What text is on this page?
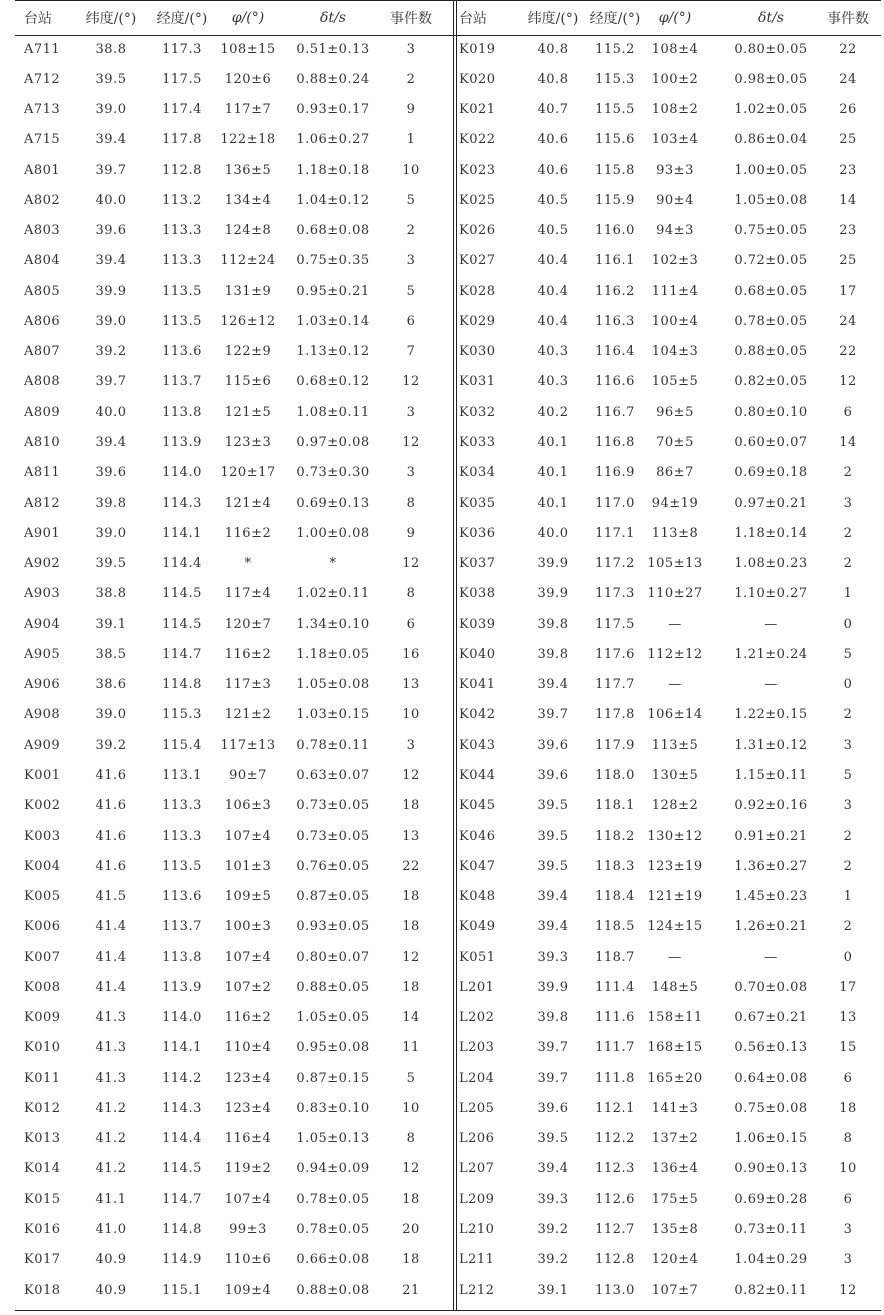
台站	纬度/(°)	经度/(°)	φ/(°)	δt/s	事件数 台站	纬度/(°) 经度/(°)	φ/(°)	δt/s	事件数
A711	38.8	117.3	108±15	0.51±0.13	3	K019	40.8	115.2	108±4	0.80±0.05	22
A712	39.5	117.5	120±6	0.88±0.24	2	K020	40.8	115.3	100±2	0.98±0.05	24
A713	39.0	117.4	117±7	0.93±0.17	9	K021	40.7	115.5	108±2	1.02±0.05	26
A715	39.4	117.8	122±18	1.06±0.27	1	K022	40.6	115.6	103±4	0.86±0.04	25
A801	39.7	112.8	136±5	1.18±0.18	10	K023	40.6	115.8	93±3	1.00±0.05	23
A802	40.0	113.2	134±4	1.04±0.12	5	K025	40.5	115.9	90±4	1.05±0.08	14
A803	39.6	113.3	124±8	0.68±0.08	2	K026	40.5	116.0	94±3	0.75±0.05	23
A804	39.4	113.3	112±24	0.75±0.35	3	K027	40.4	116.1	102±3	0.72±0.05	25
A805	39.9	113.5	131±9	0.95±0.21	5	K028	40.4	116.2	111±4	0.68±0.05	17
A806	39.0	113.5	126±12	1.03±0.14	6	K029	40.4	116.3	100±4	0.78±0.05	24
A807	39.2	113.6	122±9	1.13±0.12	7	K030	40.3	116.4	104±3	0.88±0.05	22
A808	39.7	113.7	115±6	0.68±0.12	12	K031	40.3	116.6	105±5	0.82±0.05	12
A809	40.0	113.8	121±5	1.08±0.11	3	K032	40.2	116.7	96±5	0.80±0.10	6
A810	39.4	113.9	123±3	0.97±0.08	12	K033	40.1	116.8	70±5	0.60±0.07	14
A811	39.6	114.0	120±17	0.73±0.30	3	K034	40.1	116.9	86±7	0.69±0.18	2
A812	39.8	114.3	121±4	0.69±0.13	8	K035	40.1	117.0	94±19	0.97±0.21	3
A901	39.0	114.1	116±2	1.00±0.08	9	K036	40.0	117.1	113±8	1.18±0.14	2
A902	39.5	114.4	*	*	12	K037	39.9	117.2 105±13	1.08±0.23	2
A903	38.8	114.5	117±4	1.02±0.11	8	K038	39.9	117.3 110±27	1.10±0.27	1
A904	39.1	114.5	120±7	1.34±0.10	6	K039	39.8	117.5	—	—	0
A905	38.5	114.7	116±2	1.18±0.05	16	K040	39.8	117.6 112±12	1.21±0.24	5
A906	38.6	114.8	117±3	1.05±0.08	13	K041	39.4	117.7	—	—	0
A908	39.0	115.3	121±2	1.03±0.15	10	K042	39.7	117.8 106±14	1.22±0.15	2
A909	39.2	115.4	117±13	0.78±0.11	3	K043	39.6	117.9	113±5	1.31±0.12	3
K001	41.6	113.1	90±7	0.63±0.07	12	K044	39.6	118.0	130±5	1.15±0.11	5
K002	41.6	113.3	106±3	0.73±0.05	18	K045	39.5	118.1	128±2	0.92±0.16	3
K003	41.6	113.3	107±4	0.73±0.05	13	K046	39.5	118.2 130±12	0.91±0.21	2
K004	41.6	113.5	101±3	0.76±0.05	22	K047	39.5	118.3 123±19	1.36±0.27	2
K005	41.5	113.6	109±5	0.87±0.05	18	K048	39.4	118.4 121±19	1.45±0.23	1
K006	41.4	113.7	100±3	0.93±0.05	18	K049	39.4	118.5 124±15	1.26±0.21	2
K007	41.4	113.8	107±4	0.80±0.07	12	K051	39.3	118.7	—	—	0
K008	41.4	113.9	107±2	0.88±0.05	18	L201	39.9	111.4	148±5	0.70±0.08	17
K009	41.3	114.0	116±2	1.05±0.05	14	L202	39.8	111.6 158±11	0.67±0.21	13
K010	41.3	114.1	110±4	0.95±0.08	11	L203	39.7	111.7 168±15	0.56±0.13	15
K011	41.3	114.2	123±4	0.87±0.15	5	L204	39.7	111.8 165±20	0.64±0.08	6
K012	41.2	114.3	123±4	0.83±0.10	10	L205	39.6	112.1	141±3	0.75±0.08	18
K013	41.2	114.4	116±4	1.05±0.13	8	L206	39.5	112.2	137±2	1.06±0.15	8
K014	41.2	114.5	119±2	0.94±0.09	12	L207	39.4	112.3	136±4	0.90±0.13	10
K015	41.1	114.7	107±4	0.78±0.05	18	L209	39.3	112.6	175±5	0.69±0.28	6
K016	41.0	114.8	99±3	0.78±0.05	20	L210	39.2	112.7	135±8	0.73±0.11	3
K017	40.9	114.9	110±6	0.66±0.08	18	L211	39.2	112.8	120±4	1.04±0.29	3
K018	40.9	115.1	109±4	0.88±0.08	21	L212	39.1	113.0	107±7	0.82±0.11	12
